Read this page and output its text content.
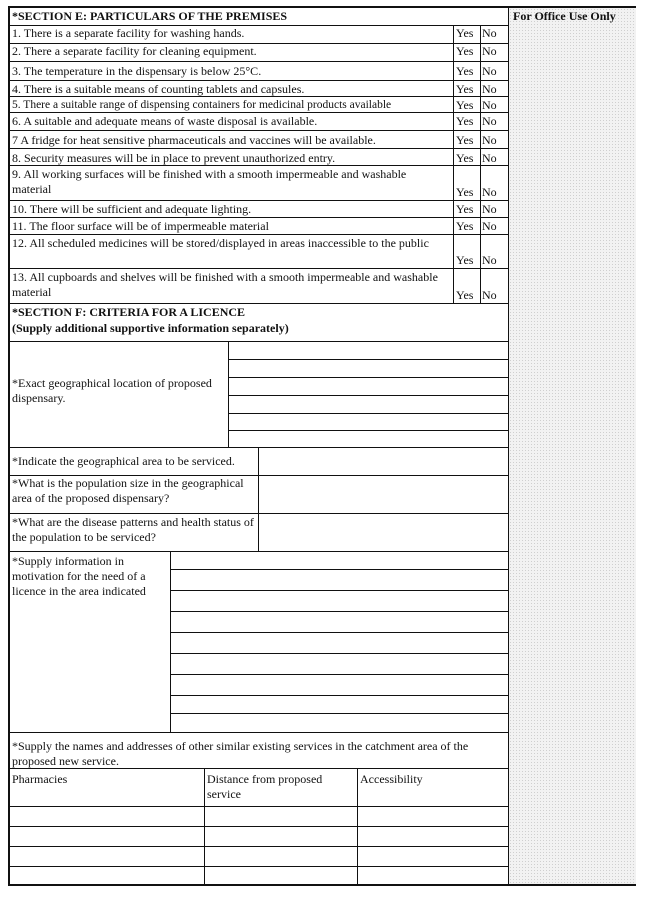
*SECTION E: PARTICULARS OF THE PREMISES	For Office Use Only
1. There is a separate facility for washing hands.
2. There a separate facility for cleaning equipment.
3. The temperature in the dispensary is below 25°C.
4. There is a suitable means of counting tablets and capsules.
5. There a suitable range of dispensing containers for medicinal products available
6. A suitable and adequate means of waste disposal is available.
7 A fridge for heat sensitive pharmaceuticals and vaccines will be available.
8. Security measures will be in place to prevent unauthorized entry.
9. All working surfaces will be finished with a smooth impermeable and washable material
10. There will be sufficient and adequate lighting.
11. The floor surface will be of impermeable material
12. All scheduled medicines will be stored/displayed in areas inaccessible to the public
13. All cupboards and shelves will be finished with a smooth impermeable and washable material
Yes No
Yes No
Yes No
Yes No
Yes No
Yes No
Yes No
Yes No
Yes No
Yes No
Yes No
Yes No
Yes No
*SECTION F: CRITERIA FOR A LICENCE
(Supply additional supportive information separately)
*Exact geographical location of proposed dispensary.
*Indicate the geographical area to be serviced.
*What is the population size in the geographical area of the proposed dispensary?
*What are the disease patterns and health status of the population to be serviced?
*Supply information in motivation for the need of a licence in the area indicated
*Supply the names and addresses of other similar existing services in the catchment area of the proposed new service.
Pharmacies	Distance from proposed service
Accessibility
